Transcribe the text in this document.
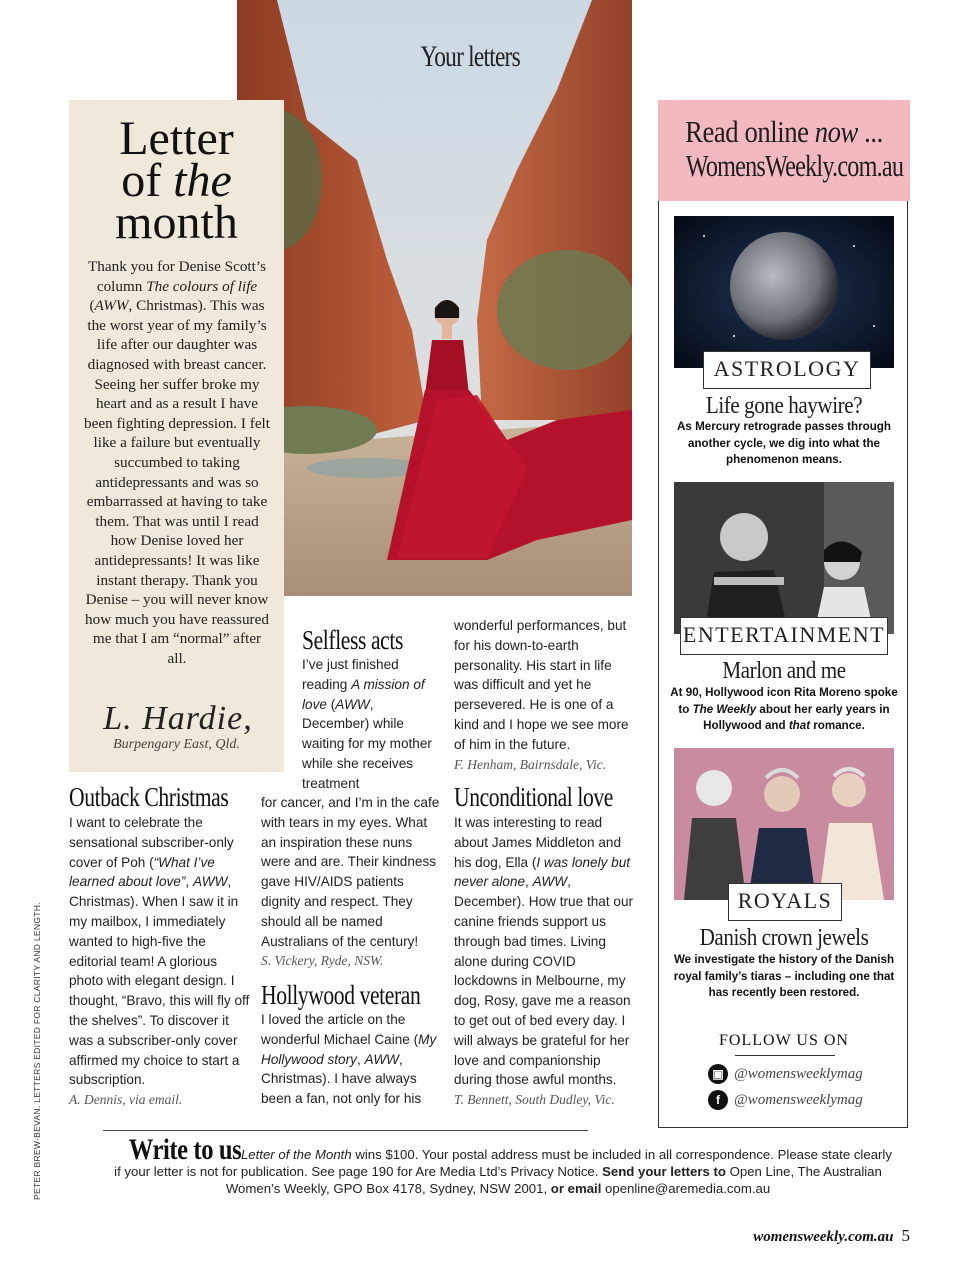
Your letters
Letter
of the
month
Thank you for Denise Scott’s column The colours of life (AWW, Christmas). This was the worst year of my family’s life after our daughter was diagnosed with breast cancer. Seeing her suffer broke my heart and as a result I have been fighting depression. I felt like a failure but eventually succumbed to taking antidepressants and was so embarrassed at having to take them. That was until I read how Denise loved her antidepressants! It was like instant therapy. Thank you Denise – you will never know how much you have reassured me that I am “normal” after all.
L. Hardie,
Burpengary East, Qld.
Outback Christmas

I want to celebrate the sensational subscriber-only cover of Poh (“What I’ve learned about love”, AWW, Christmas). When I saw it in my mailbox, I immediately wanted to high-five the editorial team! A glorious photo with elegant design. I thought, “Bravo, this will fly off the shelves”. To discover it was a subscriber-only cover affirmed my choice to start a subscription.

A. Dennis, via email.

Selfless acts

I’ve just finished reading A mission of love (AWW, December) while waiting for my mother while she receives treatment

for cancer, and I’m in the cafe with tears in my eyes. What an inspiration these nuns were and are. Their kindness gave HIV/AIDS patients dignity and respect. They should all be named Australians of the century!

S. Vickery, Ryde, NSW.

Hollywood veteran

I loved the article on the wonderful Michael Caine (My Hollywood story, AWW, Christmas). I have always been a fan, not only for his

wonderful performances, but for his down-to-earth personality. His start in life was difficult and yet he persevered. He is one of a kind and I hope we see more of him in the future.

F. Henham, Bairnsdale, Vic.

Unconditional love

It was interesting to read about James Middleton and his dog, Ella (I was lonely but never alone, AWW, December). How true that our canine friends support us through bad times. Living alone during COVID lockdowns in Melbourne, my dog, Rosy, gave me a reason to get out of bed every day. I will always be grateful for her love and companionship during those awful months.

T. Bennett, South Dudley, Vic.

Read online now ...
WomensWeekly.com.au
ASTROLOGY
Life gone haywire?
As Mercury retrograde passes through another cycle, we dig into what the phenomenon means.
ENTERTAINMENT
Marlon and me
At 90, Hollywood icon Rita Moreno spoke to The Weekly about her early years in Hollywood and that romance.
ROYALS
Danish crown jewels
We investigate the history of the Danish royal family’s tiaras – including one that has recently been restored.
FOLLOW US ON
▣ @womensweeklymag
f @womensweeklymag
Write to us Letter of the Month wins $100. Your postal address must be included in all correspondence. Please state clearly if your letter is not for publication. See page 190 for Are Media Ltd’s Privacy Notice. Send your letters to Open Line, The Australian Women’s Weekly, GPO Box 4178, Sydney, NSW 2001, or email openline@aremedia.com.au
PETER BREW-BEVAN. LETTERS EDITED FOR CLARITY AND LENGTH.
womensweekly.com.au 5
